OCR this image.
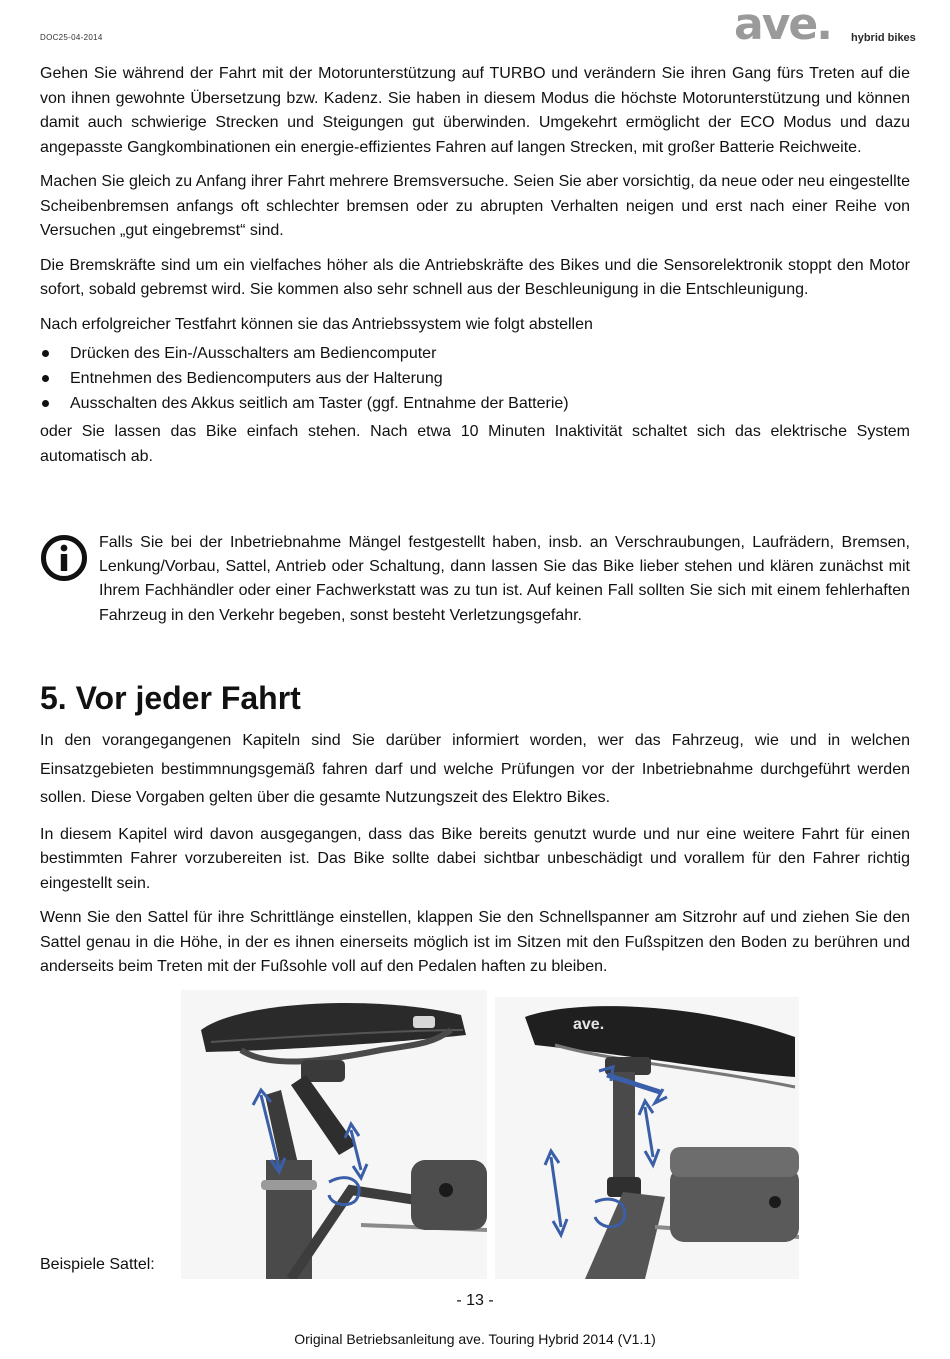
DOC25-04-2014	ave. hybrid bikes

Gehen Sie während der Fahrt mit der Motorunterstützung auf TURBO und verändern Sie ihren Gang fürs Treten auf die von ihnen gewohnte Übersetzung bzw. Kadenz. Sie haben in diesem Modus die höchste Motorunterstützung und können damit auch schwierige Strecken und Steigungen gut überwinden. Umgekehrt ermöglicht der ECO Modus und dazu angepasste Gangkombinationen ein energie-effizientes Fahren auf langen Strecken, mit großer Batterie Reichweite.

Machen Sie gleich zu Anfang ihrer Fahrt mehrere Bremsversuche. Seien Sie aber vorsichtig, da neue oder neu eingestellte Scheibenbremsen anfangs oft schlechter bremsen oder zu abrupten Verhalten neigen und erst nach einer Reihe von Versuchen „gut eingebremst“ sind.

Die Bremskräfte sind um ein vielfaches höher als die Antriebskräfte des Bikes und die Sensorelektronik stoppt den Motor sofort, sobald gebremst wird. Sie kommen also sehr schnell aus der Beschleunigung in die Entschleunigung.

Nach erfolgreicher Testfahrt können sie das Antriebssystem wie folgt abstellen

Drücken des Ein-/Ausschalters am Bediencomputer
Entnehmen des Bediencomputers aus der Halterung
Ausschalten des Akkus seitlich am Taster (ggf. Entnahme der Batterie)

oder Sie lassen das Bike einfach stehen. Nach etwa 10 Minuten Inaktivität schaltet sich das elektrische System automatisch ab.

Falls Sie bei der Inbetriebnahme Mängel festgestellt haben, insb. an Verschraubungen, Laufrädern, Bremsen, Lenkung/Vorbau, Sattel, Antrieb oder Schaltung, dann lassen Sie das Bike lieber stehen und klären zunächst mit Ihrem Fachhändler oder einer Fachwerkstatt was zu tun ist. Auf keinen Fall sollten Sie sich mit einem fehlerhaften Fahrzeug in den Verkehr begeben, sonst besteht Verletzungsgefahr.
5. Vor jeder Fahrt

In den vorangegangenen Kapiteln sind Sie darüber informiert worden, wer das Fahrzeug, wie und in welchen Einsatzgebieten bestimmnungsgemäß fahren darf und welche Prüfungen vor der Inbetriebnahme durchgeführt werden sollen. Diese Vorgaben gelten über die gesamte Nutzungszeit des Elektro Bikes.

In diesem Kapitel wird davon ausgegangen, dass das Bike bereits genutzt wurde und nur eine weitere Fahrt für einen bestimmten Fahrer vorzubereiten ist. Das Bike sollte dabei sichtbar unbeschädigt und vorallem für den Fahrer richtig eingestellt sein.

Wenn Sie den Sattel für ihre Schrittlänge einstellen, klappen Sie den Schnellspanner am Sitzrohr auf und ziehen Sie den Sattel genau in die Höhe, in der es ihnen einerseits möglich ist im Sitzen mit den Fußspitzen den Boden zu berühren und anderseits beim Treten mit der Fußsohle voll auf den Pedalen haften zu bleiben.

Beispiele Sattel:
ave.
- 13 -
Original Betriebsanleitung ave. Touring Hybrid 2014 (V1.1)
